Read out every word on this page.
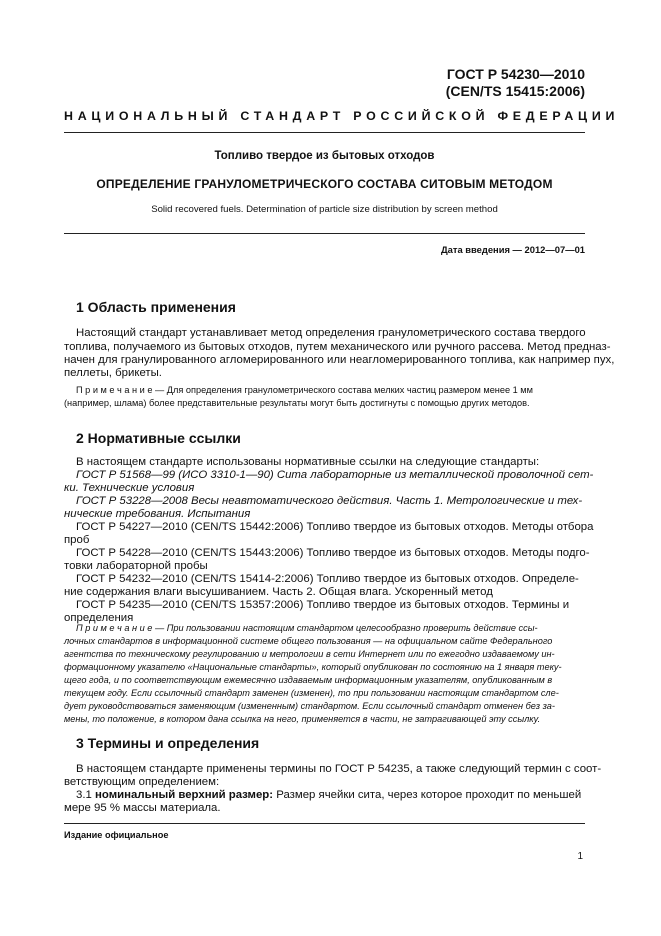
ГОСТ Р 54230—2010
(CEN/TS 15415:2006)
НАЦИОНАЛЬНЫЙ СТАНДАРТ РОССИЙСКОЙ ФЕДЕРАЦИИ
Топливо твердое из бытовых отходов
ОПРЕДЕЛЕНИЕ ГРАНУЛОМЕТРИЧЕСКОГО СОСТАВА СИТОВЫМ МЕТОДОМ
Solid recovered fuels. Determination of particle size distribution by screen method
Дата введения — 2012—07—01
1 Область применения
Настоящий стандарт устанавливает метод определения гранулометрического состава твердого
топлива, получаемого из бытовых отходов, путем механического или ручного рассева. Метод предназ-
начен для гранулированного агломерированного или неагломерированного топлива, как например пух,
пеллеты, брикеты.
П р и м е ч а н и е — Для определения гранулометрического состава мелких частиц размером менее 1 мм
(например, шлама) более представительные результаты могут быть достигнуты с помощью других методов.
2 Нормативные ссылки
В настоящем стандарте использованы нормативные ссылки на следующие стандарты:
ГОСТ Р 51568—99 (ИСО 3310-1—90) Сита лабораторные из металлической проволочной сет-
ки. Технические условия
ГОСТ Р 53228—2008 Весы неавтоматического действия. Часть 1. Метрологические и тех-
нические требования. Испытания
ГОСТ Р 54227—2010 (CEN/TS 15442:2006) Топливо твердое из бытовых отходов. Методы отбора
проб
ГОСТ Р 54228—2010 (CEN/TS 15443:2006) Топливо твердое из бытовых отходов. Методы подго-
товки лабораторной пробы
ГОСТ Р 54232—2010 (CEN/TS 15414-2:2006) Топливо твердое из бытовых отходов. Определе-
ние содержания влаги высушиванием. Часть 2. Общая влага. Ускоренный метод
ГОСТ Р 54235—2010 (CEN/TS 15357:2006) Топливо твердое из бытовых отходов. Термины и
определения
П р и м е ч а н и е — При пользовании настоящим стандартом целесообразно проверить действие ссы-
лочных стандартов в информационной системе общего пользования — на официальном сайте Федерального
агентства по техническому регулированию и метрологии в сети Интернет или по ежегодно издаваемому ин-
формационному указателю «Национальные стандарты», который опубликован по состоянию на 1 января теку-
щего года, и по соответствующим ежемесячно издаваемым информационным указателям, опубликованным в
текущем году. Если ссылочный стандарт заменен (изменен), то при пользовании настоящим стандартом сле-
дует руководствоваться заменяющим (измененным) стандартом. Если ссылочный стандарт отменен без за-
мены, то положение, в котором дана ссылка на него, применяется в части, не затрагивающей эту ссылку.
3 Термины и определения
В настоящем стандарте применены термины по ГОСТ Р 54235, а также следующий термин с соот-
ветствующим определением:
3.1 номинальный верхний размер: Размер ячейки сита, через которое проходит по меньшей
мере 95 % массы материала.
Издание официальное
1
